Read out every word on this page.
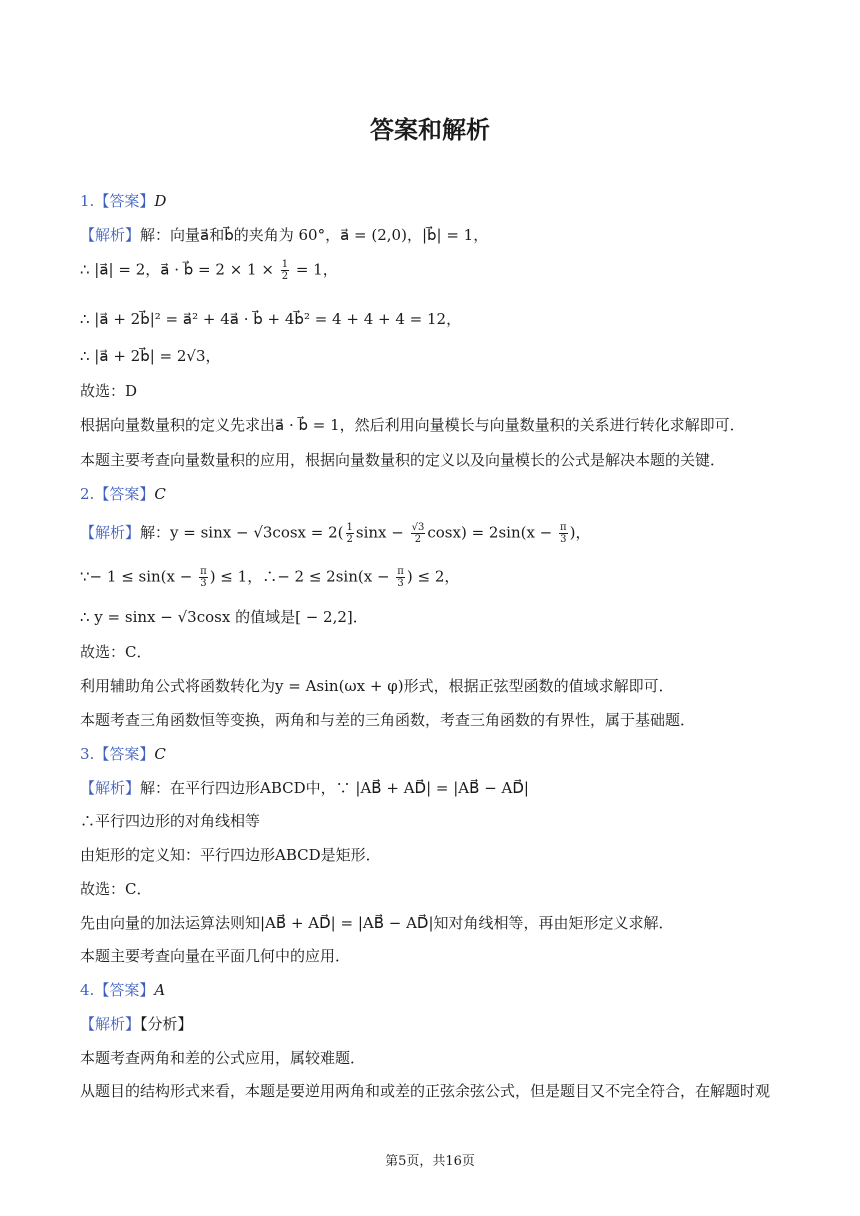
答案和解析
1.【答案】D
【解析】解：向量a⃗和b⃗的夹角为 60°，a⃗ = (2,0)，|b⃗| = 1，
∴ |a⃗| = 2，a⃗ · b⃗ = $2 \times 1 \times \frac{1}{2} = 1$，
∴ |a⃗ + 2b⃗|² = a⃗² + 4a⃗ · b⃗ + 4b⃗² = 4 + 4 + 4 = 12，
∴ |a⃗ + 2b⃗| = 2√3，
故选：D
根据向量数量积的定义先求出a⃗ · b⃗ = 1，然后利用向量模长与向量数量积的关系进行转化求解即可．
本题主要考查向量数量积的应用，根据向量数量积的定义以及向量模长的公式是解决本题的关键．
2.【答案】C
【解析】解：$y = \sin x - √3\cos x = 2( \frac{1}{2}$ $\sin x - \frac{√3}{2} \cos x) = 2\sin(x - \frac{\pi}{3}$ )，
∵− $1 \le \sin(x - \frac{\pi}{3}$ ) ≤ 1，∴− $2 \le 2\sin(x - \frac{\pi}{3}$ ) ≤ 2，
∴ y = sinx − √3cosx 的值域是[ − 2,2]．
故选：C．
利用辅助角公式将函数转化为y = Asin(ωx + φ)形式，根据正弦型函数的值域求解即可．
本题考查三角函数恒等变换，两角和与差的三角函数，考查三角函数的有界性，属于基础题．
3.【答案】C
【解析】解：在平行四边形ABCD中，∵ |AB⃗ + AD⃗| = |AB⃗ − AD⃗|
∴平行四边形的对角线相等
由矩形的定义知：平行四边形ABCD是矩形．
故选：C．
先由向量的加法运算法则知|AB⃗ + AD⃗| = |AB⃗ − AD⃗|知对角线相等，再由矩形定义求解．
本题主要考查向量在平面几何中的应用．
4.【答案】A
【解析】【分析】
本题考查两角和差的公式应用，属较难题．
从题目的结构形式来看，本题是要逆用两角和或差的正弦余弦公式，但是题目又不完全符合，在解题时观
第5页，共16页
